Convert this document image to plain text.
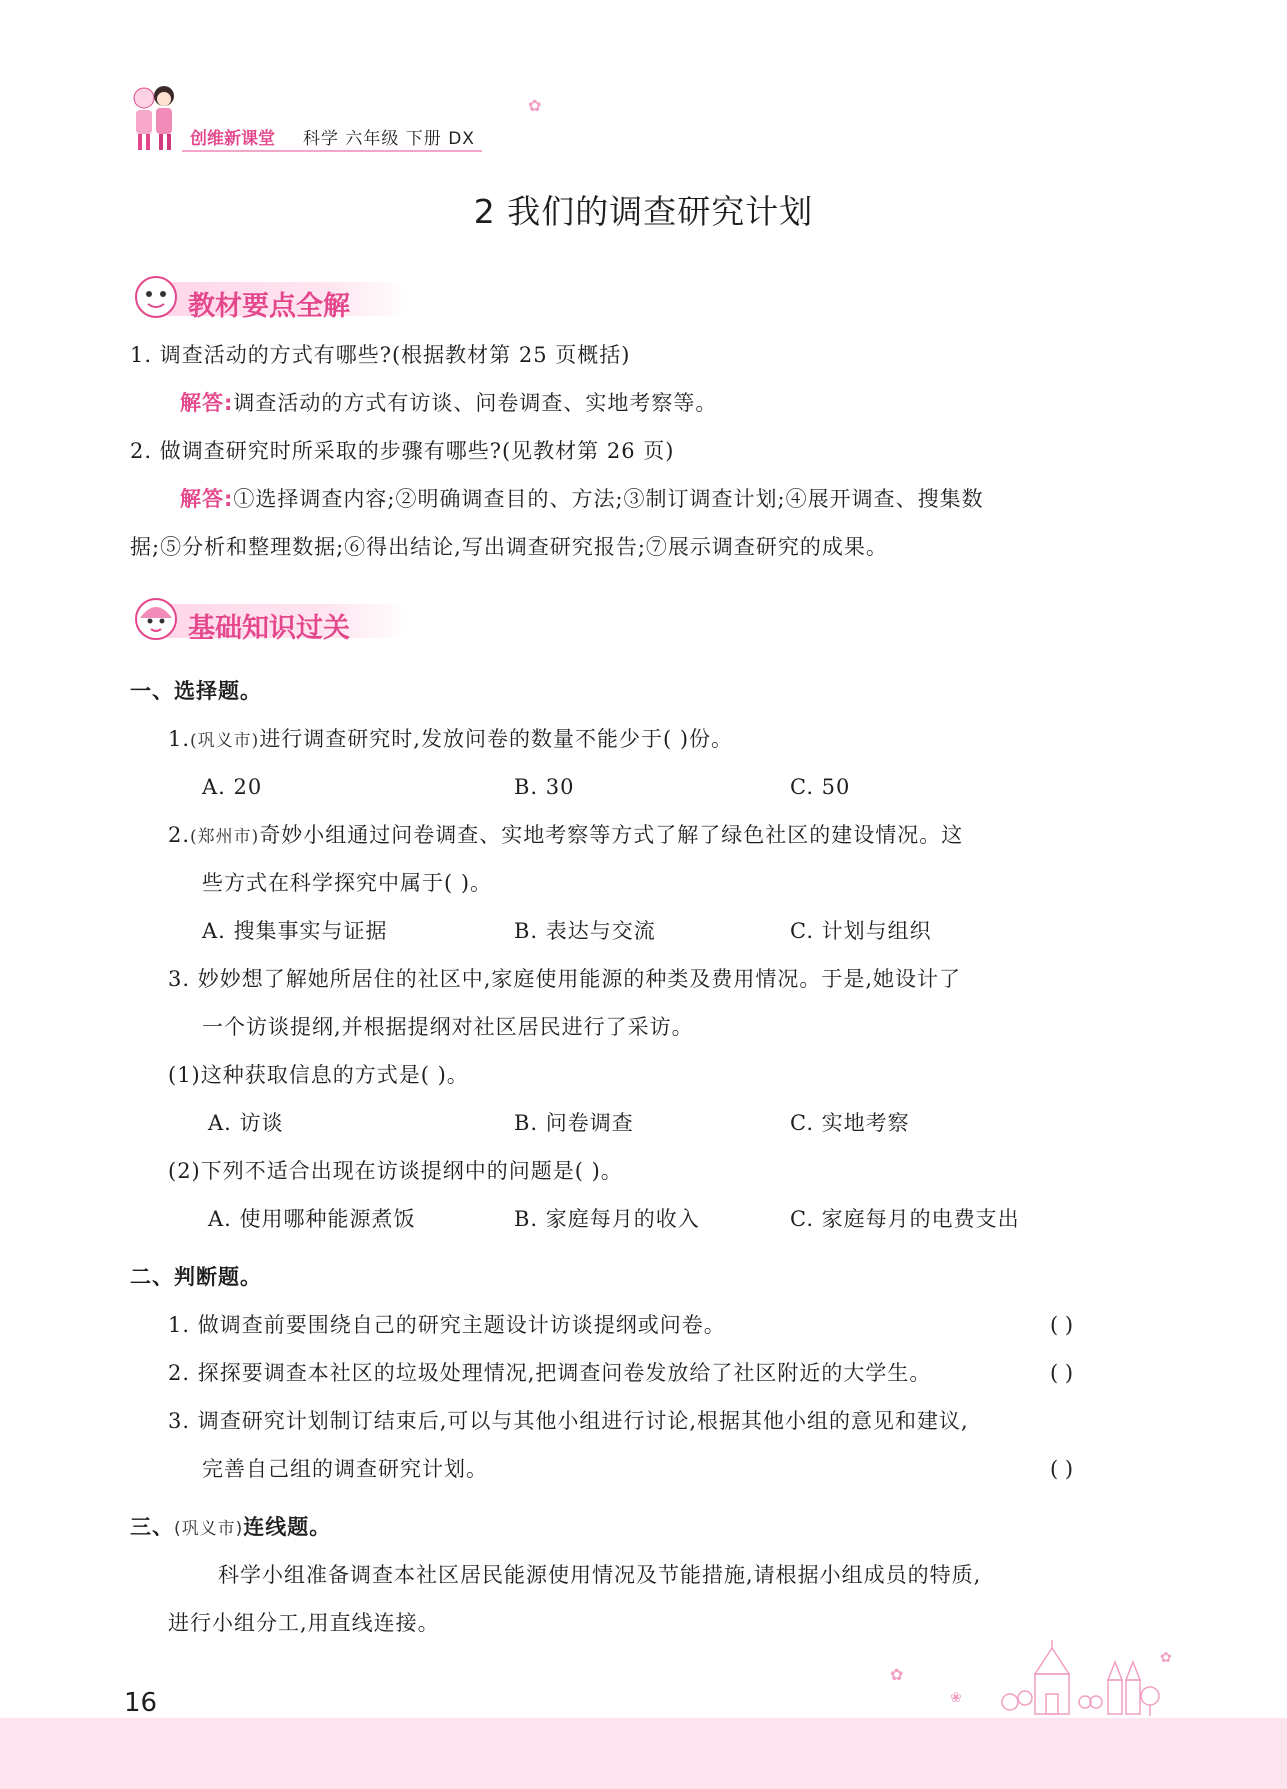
创维新课堂 科学 六年级 下册 DX
✿
2 我们的调查研究计划
教材要点全解
1. 调查活动的方式有哪些?(根据教材第 25 页概括)
解答:调查活动的方式有访谈、问卷调查、实地考察等。
2. 做调查研究时所采取的步骤有哪些?(见教材第 26 页)
解答:①选择调查内容;②明确调查目的、方法;③制订调查计划;④展开调查、搜集数
据;⑤分析和整理数据;⑥得出结论,写出调查研究报告;⑦展示调查研究的成果。
基础知识过关
一、选择题。
1.(巩义市)进行调查研究时,发放问卷的数量不能少于( )份。
A. 20	B. 30	C. 50
2.(郑州市)奇妙小组通过问卷调查、实地考察等方式了解了绿色社区的建设情况。这
些方式在科学探究中属于( )。
A. 搜集事实与证据	B. 表达与交流	C. 计划与组织
3. 妙妙想了解她所居住的社区中,家庭使用能源的种类及费用情况。于是,她设计了
一个访谈提纲,并根据提纲对社区居民进行了采访。
(1)这种获取信息的方式是( )。
A. 访谈	B. 问卷调查	C. 实地考察
(2)下列不适合出现在访谈提纲中的问题是( )。
A. 使用哪种能源煮饭	B. 家庭每月的收入	C. 家庭每月的电费支出
二、判断题。
1. 做调查前要围绕自己的研究主题设计访谈提纲或问卷。	( )
2. 探探要调查本社区的垃圾处理情况,把调查问卷发放给了社区附近的大学生。	( )
3. 调查研究计划制订结束后,可以与其他小组进行讨论,根据其他小组的意见和建议,
完善自己组的调查研究计划。	( )
三、(巩义市)连线题。
科学小组准备调查本社区居民能源使用情况及节能措施,请根据小组成员的特质,
进行小组分工,用直线连接。
✿
❀
✿
16
